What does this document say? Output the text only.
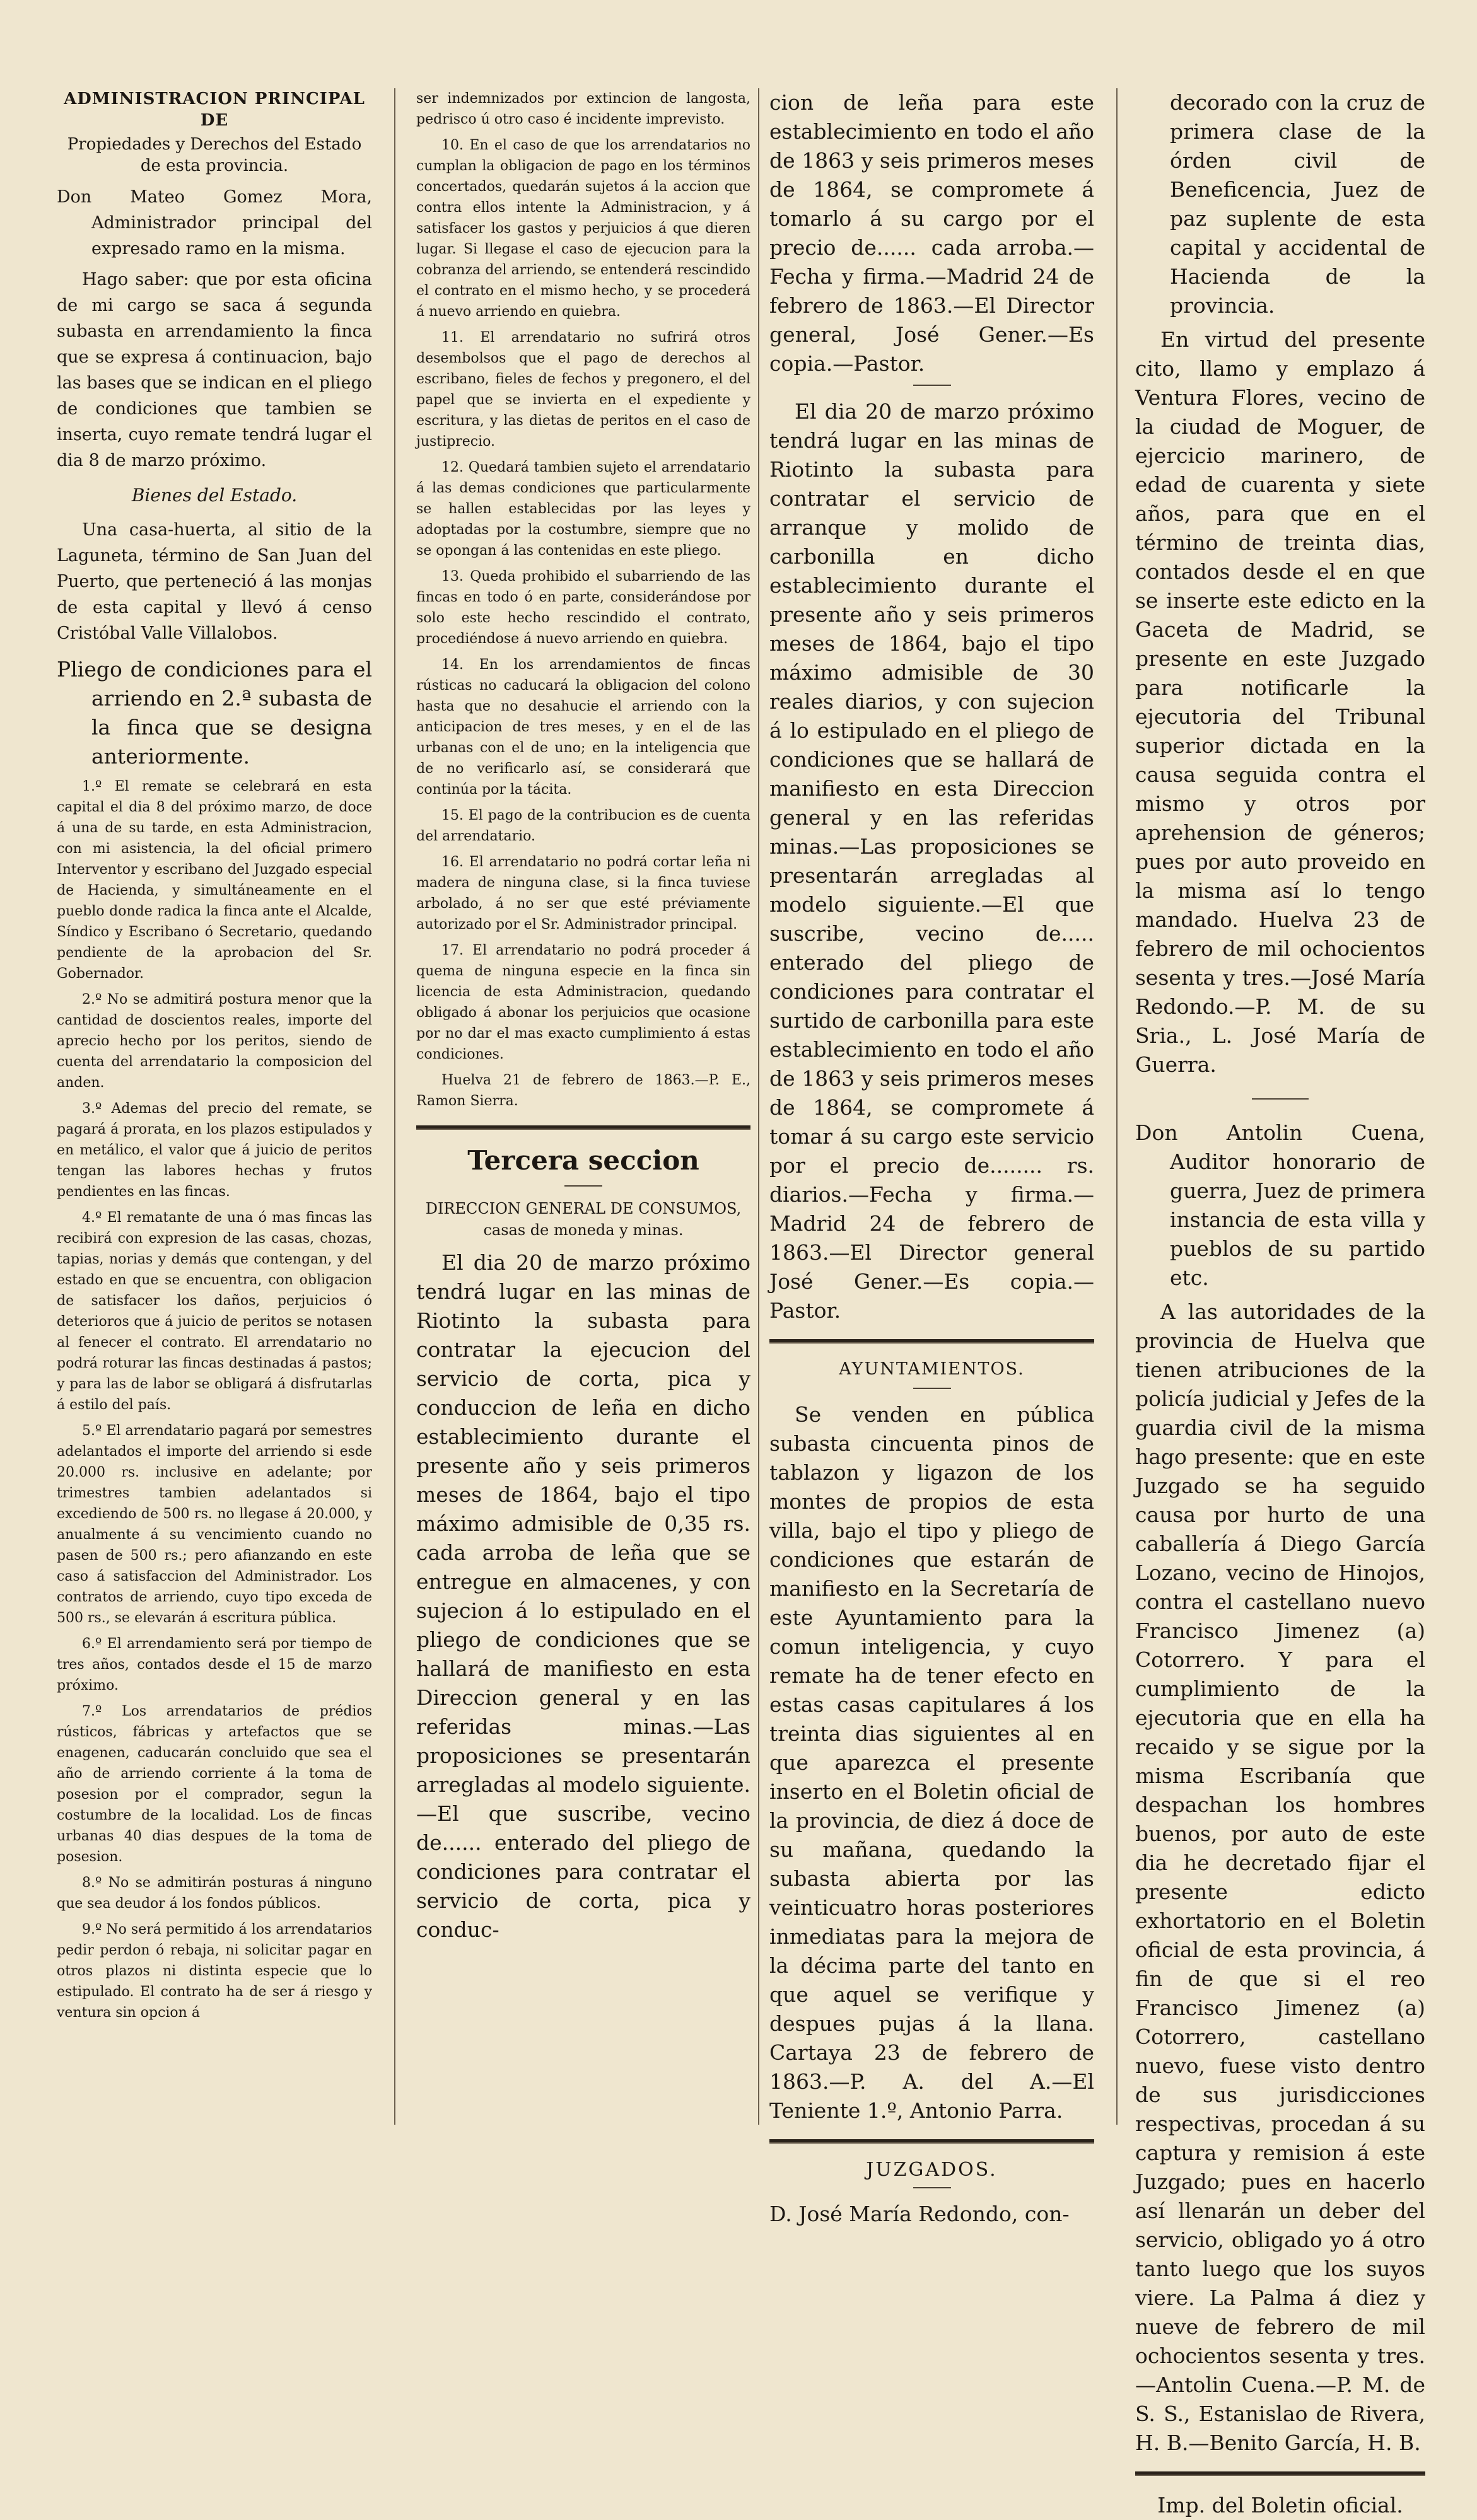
ADMINISTRACION PRINCIPAL DE
Propiedades y Derechos del Estado de esta provincia.

Don Mateo Gomez Mora, Administrador principal del expresado ramo en la misma.

Hago saber: que por esta oficina de mi cargo se saca á segunda subasta en arrendamiento la finca que se expresa á continuacion, bajo las bases que se indican en el pliego de condiciones que tambien se inserta, cuyo remate tendrá lugar el dia 8 de marzo próximo.

Bienes del Estado.

Una casa-huerta, al sitio de la Laguneta, término de San Juan del Puerto, que perteneció á las monjas de esta capital y llevó á censo Cristóbal Valle Villalobos.

Pliego de condiciones para el arriendo en 2.ª subasta de la finca que se designa anteriormente.

1.º El remate se celebrará en esta capital el dia 8 del próximo marzo, de doce á una de su tarde, en esta Administracion, con mi asistencia, la del oficial primero Interventor y escribano del Juzgado especial de Hacienda, y simultáneamente en el pueblo donde radica la finca ante el Alcalde, Síndico y Escribano ó Secretario, quedando pendiente de la aprobacion del Sr. Gobernador.

2.º No se admitirá postura menor que la cantidad de doscientos reales, importe del aprecio hecho por los peritos, siendo de cuenta del arrendatario la composicion del anden.

3.º Ademas del precio del remate, se pagará á prorata, en los plazos estipulados y en metálico, el valor que á juicio de peritos tengan las labores hechas y frutos pendientes en las fincas.

4.º El rematante de una ó mas fincas las recibirá con expresion de las casas, chozas, tapias, norias y demás que contengan, y del estado en que se encuentra, con obligacion de satisfacer los daños, perjuicios ó deterioros que á juicio de peritos se notasen al fenecer el contrato. El arrendatario no podrá roturar las fincas destinadas á pastos; y para las de labor se obligará á disfrutarlas á estilo del país.

5.º El arrendatario pagará por semestres adelantados el importe del arriendo si esde 20.000 rs. inclusive en adelante; por trimestres tambien adelantados si excediendo de 500 rs. no llegase á 20.000, y anualmente á su vencimiento cuando no pasen de 500 rs.; pero afianzando en este caso á satisfaccion del Administrador. Los contratos de arriendo, cuyo tipo exceda de 500 rs., se elevarán á escritura pública.

6.º El arrendamiento será por tiempo de tres años, contados desde el 15 de marzo próximo.

7.º Los arrendatarios de prédios rústicos, fábricas y artefactos que se enagenen, caducarán concluido que sea el año de arriendo corriente á la toma de posesion por el comprador, segun la costumbre de la localidad. Los de fincas urbanas 40 dias despues de la toma de posesion.

8.º No se admitirán posturas á ninguno que sea deudor á los fondos públicos.

9.º No será permitido á los arrendatarios pedir perdon ó rebaja, ni solicitar pagar en otros plazos ni distinta especie que lo estipulado. El contrato ha de ser á riesgo y ventura sin opcion á

ser indemnizados por extincion de langosta, pedrisco ú otro caso é incidente imprevisto.

10. En el caso de que los arrendatarios no cumplan la obligacion de pago en los términos concertados, quedarán sujetos á la accion que contra ellos intente la Administracion, y á satisfacer los gastos y perjuicios á que dieren lugar. Si llegase el caso de ejecucion para la cobranza del arriendo, se entenderá rescindido el contrato en el mismo hecho, y se procederá á nuevo arriendo en quiebra.

11. El arrendatario no sufrirá otros desembolsos que el pago de derechos al escribano, fieles de fechos y pregonero, el del papel que se invierta en el expediente y escritura, y las dietas de peritos en el caso de justiprecio.

12. Quedará tambien sujeto el arrendatario á las demas condiciones que particularmente se hallen establecidas por las leyes y adoptadas por la costumbre, siempre que no se opongan á las contenidas en este pliego.

13. Queda prohibido el subarriendo de las fincas en todo ó en parte, considerándose por solo este hecho rescindido el contrato, procediéndose á nuevo arriendo en quiebra.

14. En los arrendamientos de fincas rústicas no caducará la obligacion del colono hasta que no desahucie el arriendo con la anticipacion de tres meses, y en el de las urbanas con el de uno; en la inteligencia que de no verificarlo así, se considerará que continúa por la tácita.

15. El pago de la contribucion es de cuenta del arrendatario.

16. El arrendatario no podrá cortar leña ni madera de ninguna clase, si la finca tuviese arbolado, á no ser que esté préviamente autorizado por el Sr. Administrador principal.

17. El arrendatario no podrá proceder á quema de ninguna especie en la finca sin licencia de esta Administracion, quedando obligado á abonar los perjuicios que ocasione por no dar el mas exacto cumplimiento á estas condiciones.

Huelva 21 de febrero de 1863.—P. E., Ramon Sierra.

Tercera seccion
DIRECCION GENERAL DE CONSUMOS, casas de moneda y minas.

El dia 20 de marzo próximo tendrá lugar en las minas de Riotinto la subasta para contratar la ejecucion del servicio de corta, pica y conduccion de leña en dicho establecimiento durante el presente año y seis primeros meses de 1864, bajo el tipo máximo admisible de 0,35 rs. cada arroba de leña que se entregue en almacenes, y con sujecion á lo estipulado en el pliego de condiciones que se hallará de manifiesto en esta Direccion general y en las referidas minas.—Las proposiciones se presentarán arregladas al modelo siguiente.—El que suscribe, vecino de...... enterado del pliego de condiciones para contratar el servicio de corta, pica y conduc-

cion de leña para este establecimiento en todo el año de 1863 y seis primeros meses de 1864, se compromete á tomarlo á su cargo por el precio de...... cada arroba.—Fecha y firma.—Madrid 24 de febrero de 1863.—El Director general, José Gener.—Es copia.—Pastor.

El dia 20 de marzo próximo tendrá lugar en las minas de Riotinto la subasta para contratar el servicio de arranque y molido de carbonilla en dicho establecimiento durante el presente año y seis primeros meses de 1864, bajo el tipo máximo admisible de 30 reales diarios, y con sujecion á lo estipulado en el pliego de condiciones que se hallará de manifiesto en esta Direccion general y en las referidas minas.—Las proposiciones se presentarán arregladas al modelo siguiente.—El que suscribe, vecino de..... enterado del pliego de condiciones para contratar el surtido de carbonilla para este establecimiento en todo el año de 1863 y seis primeros meses de 1864, se compromete á tomar á su cargo este servicio por el precio de........ rs. diarios.—Fecha y firma.—Madrid 24 de febrero de 1863.—El Director general José Gener.—Es copia.—Pastor.

AYUNTAMIENTOS.

Se venden en pública subasta cincuenta pinos de tablazon y ligazon de los montes de propios de esta villa, bajo el tipo y pliego de condiciones que estarán de manifiesto en la Secretaría de este Ayuntamiento para la comun inteligencia, y cuyo remate ha de tener efecto en estas casas capitulares á los treinta dias siguientes al en que aparezca el presente inserto en el Boletin oficial de la provincia, de diez á doce de su mañana, quedando la subasta abierta por las veinticuatro horas posteriores inmediatas para la mejora de la décima parte del tanto en que aquel se verifique y despues pujas á la llana. Cartaya 23 de febrero de 1863.—P. A. del A.—El Teniente 1.º, Antonio Parra.

JUZGADOS.

D. José María Redondo, con-

decorado con la cruz de primera clase de la órden civil de Beneficencia, Juez de paz suplente de esta capital y accidental de Hacienda de la provincia.

En virtud del presente cito, llamo y emplazo á Ventura Flores, vecino de la ciudad de Moguer, de ejercicio marinero, de edad de cuarenta y siete años, para que en el término de treinta dias, contados desde el en que se inserte este edicto en la Gaceta de Madrid, se presente en este Juzgado para notificarle la ejecutoria del Tribunal superior dictada en la causa seguida contra el mismo y otros por aprehension de géneros; pues por auto proveido en la misma así lo tengo mandado. Huelva 23 de febrero de mil ochocientos sesenta y tres.—José María Redondo.—P. M. de su Sria., L. José María de Guerra.

Don Antolin Cuena, Auditor honorario de guerra, Juez de primera instancia de esta villa y pueblos de su partido etc.

A las autoridades de la provincia de Huelva que tienen atribuciones de la policía judicial y Jefes de la guardia civil de la misma hago presente: que en este Juzgado se ha seguido causa por hurto de una caballería á Diego García Lozano, vecino de Hinojos, contra el castellano nuevo Francisco Jimenez (a) Cotorrero. Y para el cumplimiento de la ejecutoria que en ella ha recaido y se sigue por la misma Escribanía que despachan los hombres buenos, por auto de este dia he decretado fijar el presente edicto exhortatorio en el Boletin oficial de esta provincia, á fin de que si el reo Francisco Jimenez (a) Cotorrero, castellano nuevo, fuese visto dentro de sus jurisdicciones respectivas, procedan á su captura y remision á este Juzgado; pues en hacerlo así llenarán un deber del servicio, obligado yo á otro tanto luego que los suyos viere. La Palma á diez y nueve de febrero de mil ochocientos sesenta y tres.—Antolin Cuena.—P. M. de S. S., Estanislao de Rivera, H. B.—Benito García, H. B.

Imp. del Boletin oficial.
